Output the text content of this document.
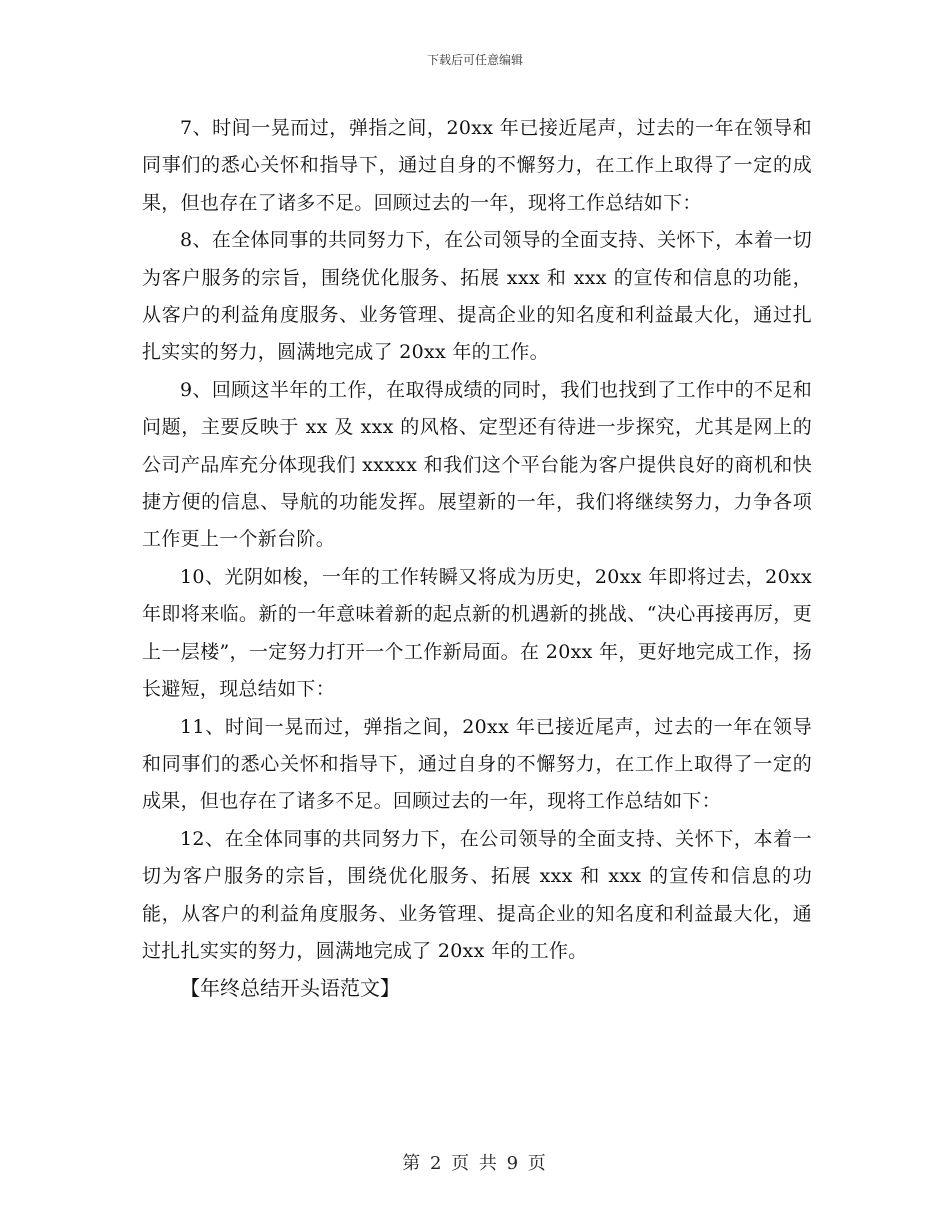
下载后可任意编辑

7、时间一晃而过，弹指之间，20xx 年已接近尾声，过去的一年在领导和同事们的悉心关怀和指导下，通过自身的不懈努力，在工作上取得了一定的成果，但也存在了诸多不足。回顾过去的一年，现将工作总结如下：

8、在全体同事的共同努力下，在公司领导的全面支持、关怀下，本着一切为客户服务的宗旨，围绕优化服务、拓展 xxx 和 xxx 的宣传和信息的功能，从客户的利益角度服务、业务管理、提高企业的知名度和利益最大化，通过扎扎实实的努力，圆满地完成了 20xx 年的工作。

9、回顾这半年的工作，在取得成绩的同时，我们也找到了工作中的不足和问题，主要反映于 xx 及 xxx 的风格、定型还有待进一步探究，尤其是网上的公司产品库充分体现我们 xxxxx 和我们这个平台能为客户提供良好的商机和快捷方便的信息、导航的功能发挥。展望新的一年，我们将继续努力，力争各项工作更上一个新台阶。

10、光阴如梭，一年的工作转瞬又将成为历史，20xx 年即将过去，20xx 年即将来临。新的一年意味着新的起点新的机遇新的挑战、“决心再接再厉，更上一层楼”，一定努力打开一个工作新局面。在 20xx 年，更好地完成工作，扬长避短，现总结如下：

11、时间一晃而过，弹指之间，20xx 年已接近尾声，过去的一年在领导和同事们的悉心关怀和指导下，通过自身的不懈努力，在工作上取得了一定的成果，但也存在了诸多不足。回顾过去的一年，现将工作总结如下：

12、在全体同事的共同努力下，在公司领导的全面支持、关怀下，本着一切为客户服务的宗旨，围绕优化服务、拓展 xxx 和 xxx 的宣传和信息的功能，从客户的利益角度服务、业务管理、提高企业的知名度和利益最大化，通过扎扎实实的努力，圆满地完成了 20xx 年的工作。

【年终总结开头语范文】

第 2 页 共 9 页
